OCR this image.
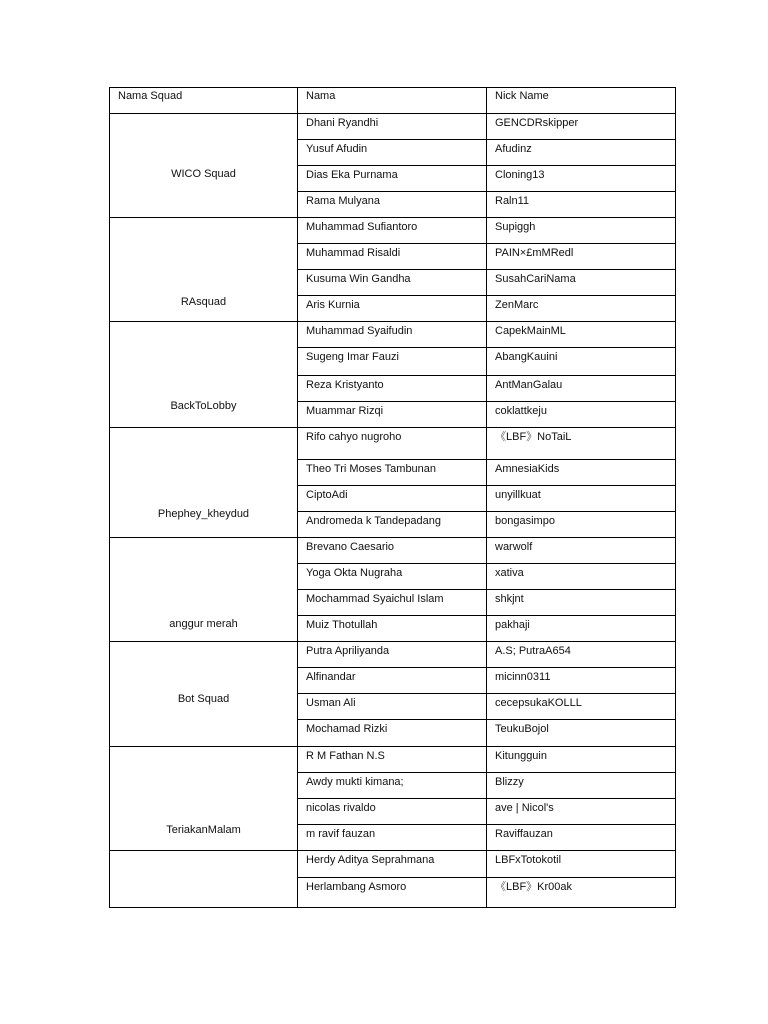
Nama Squad	Nama	Nick Name

WICO Squad	Dhani Ryandhi	GENCDRskipper
	Yusuf Afudin	Afudinz
	Dias Eka Purnama	Cloning13
	Rama Mulyana	Raln11

RAsquad	Muhammad Sufiantoro	Supiggh
	Muhammad Risaldi	PAIN×£mMRedl
	Kusuma Win Gandha	SusahCariNama
	Aris Kurnia	ZenMarc

BackToLobby	Muhammad Syaifudin	CapekMainML
	Sugeng Imar Fauzi	AbangKauini
	Reza Kristyanto	AntManGalau
	Muammar Rizqi	coklattkeju

Phephey_kheydud	Rifo cahyo nugroho	《LBF》NoTaiL
	Theo Tri Moses Tambunan	AmnesiaKids
	CiptoAdi	unyillkuat
	Andromeda k Tandepadang	bongasimpo

anggur merah	Brevano Caesario	warwolf
	Yoga Okta Nugraha	xativa
	Mochammad Syaichul Islam	shkjnt
	Muiz Thotullah	pakhaji

Bot Squad	Putra Apriliyanda	A.S; PutraA654
	Alfinandar	micinn0311
	Usman Ali	cecepsukaKOLLL
	Mochamad Rizki	TeukuBojol

TeriakanMalam	R M Fathan N.S	Kitungguin
	Awdy mukti kimana;	Blizzy
	nicolas rivaldo	ave | Nicol's
	m ravif fauzan	Raviffauzan

	Herdy Aditya Seprahmana	LBFxTotokotil
	Herlambang Asmoro	《LBF》Kr00ak
